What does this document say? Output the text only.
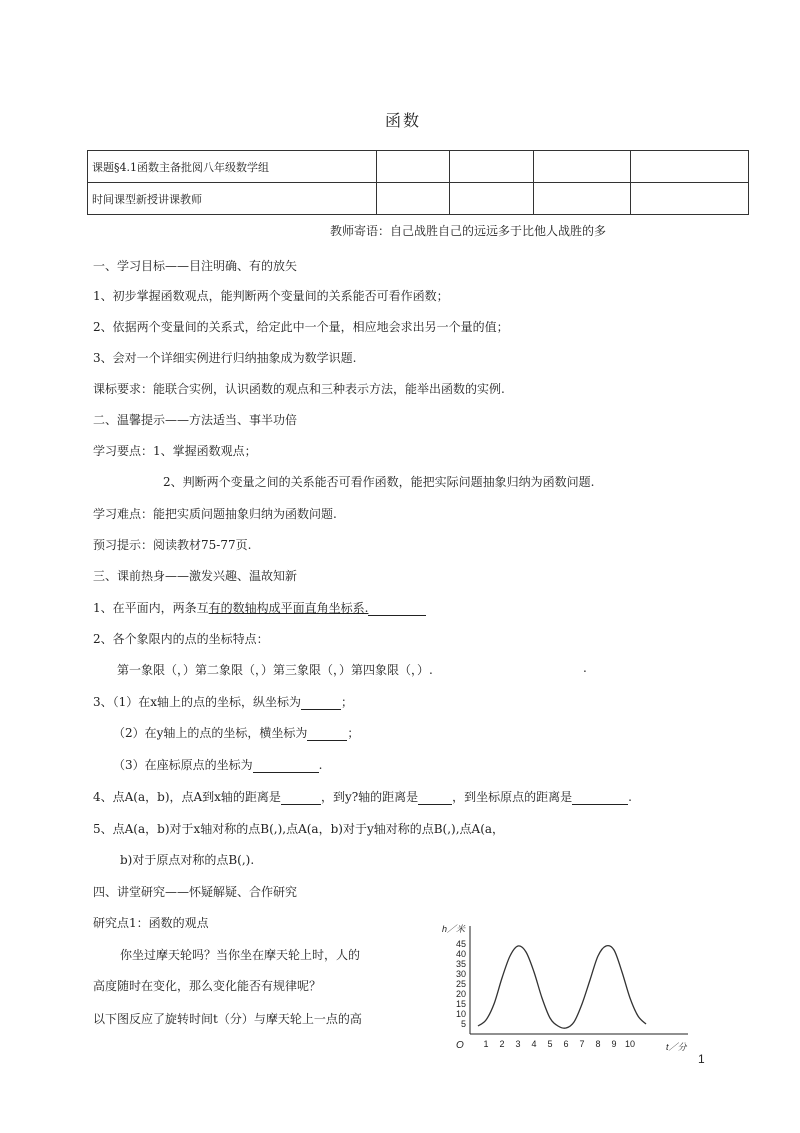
函数
课题§4.1函数主备批阅八年级数学组				
时间课型新授讲课教师				
教师寄语：自己战胜自己的远远多于比他人战胜的多
一、学习目标——目注明确、有的放矢
1、初步掌握函数观点，能判断两个变量间的关系能否可看作函数；
2、依据两个变量间的关系式，给定此中一个量，相应地会求出另一个量的值；
3、会对一个详细实例进行归纳抽象成为数学识题.
课标要求：能联合实例，认识函数的观点和三种表示方法，能举出函数的实例.
二、温馨提示——方法适当、事半功倍
学习要点：1、掌握函数观点；
2、判断两个变量之间的关系能否可看作函数，能把实际问题抽象归纳为函数问题.
学习难点：能把实质问题抽象归纳为函数问题.
预习提示：阅读教材75-77页.
三、课前热身——激发兴趣、温故知新
1、在平面内，两条互有的数轴构成平面直角坐标系.
2、各个象限内的点的坐标特点：
第一象限（，）第二象限（，）第三象限（，）第四象限（，）.	.
3、（1）在x轴上的点的坐标，纵坐标为	；
（2）在y轴上的点的坐标，横坐标为	；
（3）在座标原点的坐标为	.
4、点A(a，b)，点A到x轴的距离是	，到y?轴的距离是	，到坐标原点的距离是	.
5、点A(a，b)对于x轴对称的点B(,),点A(a，b)对于y轴对称的点B(,),点A(a，
b)对于原点对称的点B(,).
四、讲堂研究——怀疑解疑、合作研究
研究点1：函数的观点
你坐过摩天轮吗？当你坐在摩天轮上时，人的
高度随时在变化，那么变化能否有规律呢？
以下图反应了旋转时间t（分）与摩天轮上一点的高
h／米
t／分
O 1 2 3 4 5 6 7 8 9 10
5
10
15
20
25
30
35
40
45
1
